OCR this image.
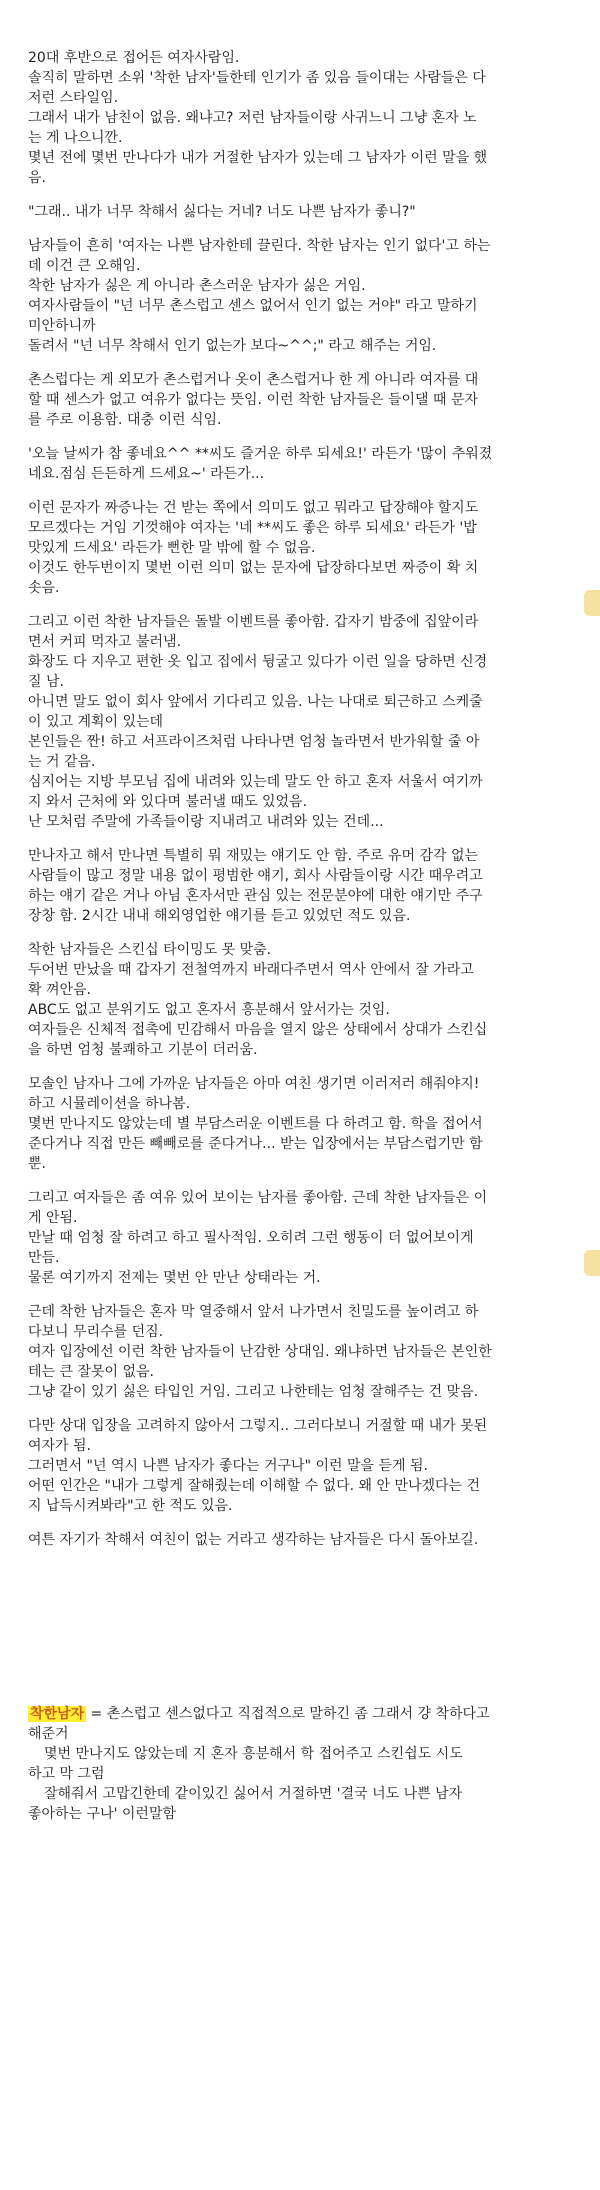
20대 후반으로 접어든 여자사람임.
솔직히 말하면 소위 '착한 남자'들한테 인기가 좀 있음 들이대는 사람들은 다
저런 스타일임.
그래서 내가 남친이 없음. 왜냐고? 저런 남자들이랑 사귀느니 그냥 혼자 노
는 게 나으니깐.
몇년 전에 몇번 만나다가 내가 거절한 남자가 있는데 그 남자가 이런 말을 했
음.
"그래.. 내가 너무 착해서 싫다는 거네? 너도 나쁜 남자가 좋니?"
남자들이 흔히 '여자는 나쁜 남자한테 끌린다. 착한 남자는 인기 없다'고 하는
데 이건 큰 오해임.
착한 남자가 싫은 게 아니라 촌스러운 남자가 싫은 거임.
여자사람들이 "넌 너무 촌스럽고 센스 없어서 인기 없는 거야" 라고 말하기
미안하니까
돌려서 "넌 너무 착해서 인기 없는가 보다~^^;" 라고 해주는 거임.
촌스럽다는 게 외모가 촌스럽거나 옷이 촌스럽거나 한 게 아니라 여자를 대
할 때 센스가 없고 여유가 없다는 뜻임. 이런 착한 남자들은 들이댈 때 문자
를 주로 이용함. 대충 이런 식임.
'오늘 날씨가 참 좋네요^^ **씨도 즐거운 하루 되세요!' 라든가 '많이 추워졌
네요.점심 든든하게 드세요~' 라든가...
이런 문자가 짜증나는 건 받는 쪽에서 의미도 없고 뭐라고 답장해야 할지도
모르겠다는 거임 기껏해야 여자는 '네 **씨도 좋은 하루 되세요' 라든가 '밥
맛있게 드세요' 라든가 뻔한 말 밖에 할 수 없음.
이것도 한두번이지 몇번 이런 의미 없는 문자에 답장하다보면 짜증이 확 치
솟음.
그리고 이런 착한 남자들은 돌발 이벤트를 좋아함. 갑자기 밤중에 집앞이라
면서 커피 먹자고 불러냄.
화장도 다 지우고 편한 옷 입고 집에서 뒹굴고 있다가 이런 일을 당하면 신경
질 남.
아니면 말도 없이 회사 앞에서 기다리고 있음. 나는 나대로 퇴근하고 스케줄
이 있고 계획이 있는데
본인들은 짠! 하고 서프라이즈처럼 나타나면 엄청 놀라면서 반가워할 줄 아
는 거 같음.
심지어는 지방 부모님 집에 내려와 있는데 말도 안 하고 혼자 서울서 여기까
지 와서 근처에 와 있다며 불러낼 때도 있었음.
난 모처럼 주말에 가족들이랑 지내려고 내려와 있는 건데...
만나자고 해서 만나면 특별히 뭐 재밌는 얘기도 안 함. 주로 유머 감각 없는
사람들이 많고 정말 내용 없이 평범한 얘기, 회사 사람들이랑 시간 때우려고
하는 얘기 같은 거나 아님 혼자서만 관심 있는 전문분야에 대한 얘기만 주구
장창 함. 2시간 내내 해외영업한 얘기를 듣고 있었던 적도 있음.
착한 남자들은 스킨십 타이밍도 못 맞춤.
두어번 만났을 때 갑자기 전철역까지 바래다주면서 역사 안에서 잘 가라고
확 껴안음.
ABC도 없고 분위기도 없고 혼자서 흥분해서 앞서가는 것임.
여자들은 신체적 접촉에 민감해서 마음을 열지 않은 상태에서 상대가 스킨십
을 하면 엄청 불쾌하고 기분이 더러움.
모솔인 남자나 그에 가까운 남자들은 아마 여친 생기면 이러저러 해줘야지!
하고 시뮬레이션을 하나봄.
몇번 만나지도 않았는데 별 부담스러운 이벤트를 다 하려고 함. 학을 접어서
준다거나 직접 만든 빼빼로를 준다거나... 받는 입장에서는 부담스럽기만 함
뿐.
그리고 여자들은 좀 여유 있어 보이는 남자를 좋아함. 근데 착한 남자들은 이
게 안됨.
만날 때 엄청 잘 하려고 하고 필사적임. 오히려 그런 행동이 더 없어보이게
만듬.
물론 여기까지 전제는 몇번 안 만난 상태라는 거.
근데 착한 남자들은 혼자 막 열중해서 앞서 나가면서 친밀도를 높이려고 하
다보니 무리수를 던짐.
여자 입장에선 이런 착한 남자들이 난감한 상대임. 왜냐하면 남자들은 본인한
테는 큰 잘못이 없음.
그냥 같이 있기 싫은 타입인 거임. 그리고 나한테는 엄청 잘해주는 건 맞음.
다만 상대 입장을 고려하지 않아서 그렇지.. 그러다보니 거절할 때 내가 못된
여자가 됨.
그러면서 "넌 역시 나쁜 남자가 좋다는 거구나" 이런 말을 듣게 됨.
어떤 인간은 "내가 그렇게 잘해줬는데 이해할 수 없다. 왜 안 만나겠다는 건
지 납득시켜봐라"고 한 적도 있음.
여튼 자기가 착해서 여친이 없는 거라고 생각하는 남자들은 다시 돌아보길.
착한남자 = 촌스럽고 센스없다고 직접적으로 말하긴 좀 그래서 걍 착하다고
해준거
몇번 만나지도 않았는데 지 혼자 흥분해서 학 접어주고 스킨쉽도 시도
하고 막 그럼
잘해줘서 고맙긴한데 같이있긴 싫어서 거절하면 '결국 너도 나쁜 남자
좋아하는 구나' 이런말함
